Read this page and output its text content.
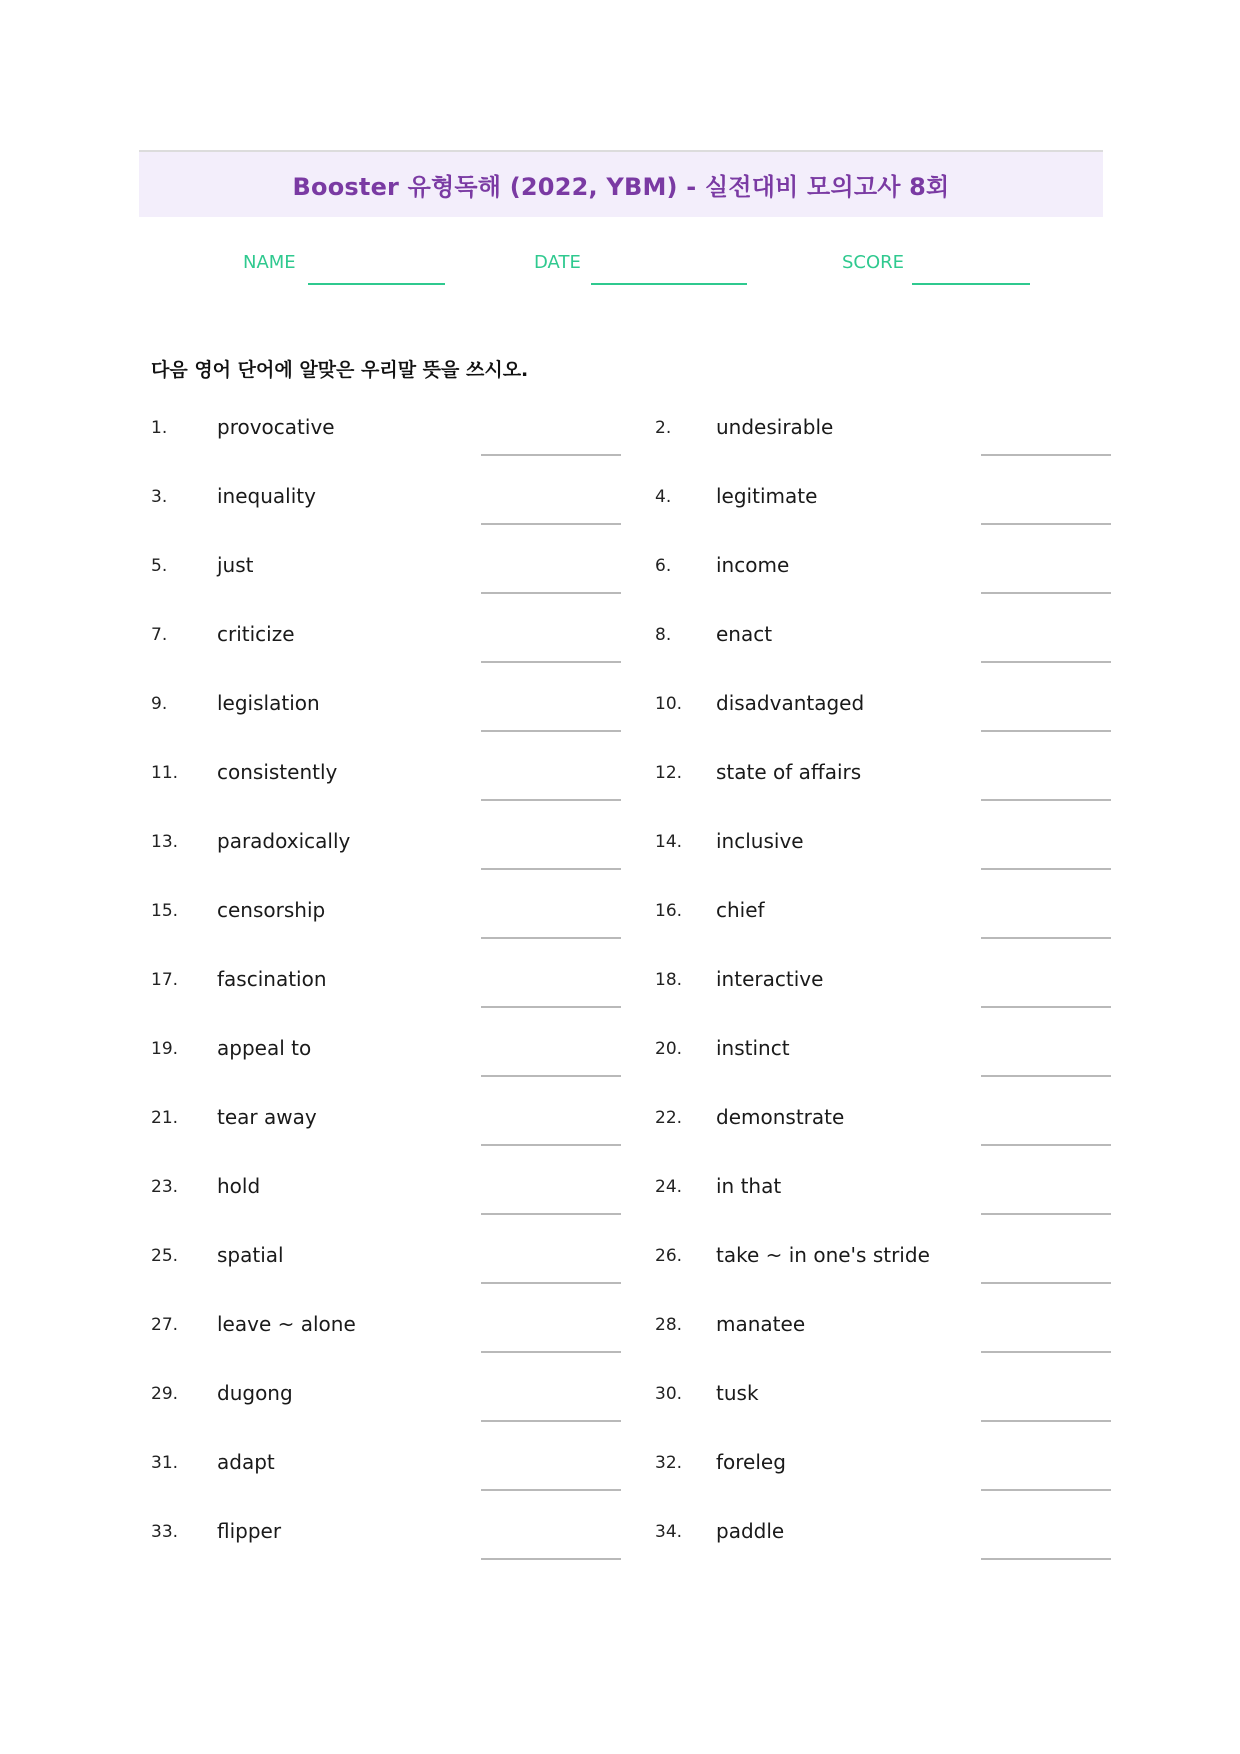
Booster 유형독해 (2022, YBM) - 실전대비 모의고사 8회
NAME	DATE	SCORE
다음 영어 단어에 알맞은 우리말 뜻을 쓰시오.
1. provocative	2. undesirable
3. inequality	4. legitimate
5. just	6. income
7. criticize	8. enact
9. legislation	10. disadvantaged
11. consistently	12. state of affairs
13. paradoxically	14. inclusive
15. censorship	16. chief
17. fascination	18. interactive
19. appeal to	20. instinct
21. tear away	22. demonstrate
23. hold	24. in that
25. spatial	26. take ~ in one's stride
27. leave ~ alone	28. manatee
29. dugong	30. tusk
31. adapt	32. foreleg
33. flipper	34. paddle
